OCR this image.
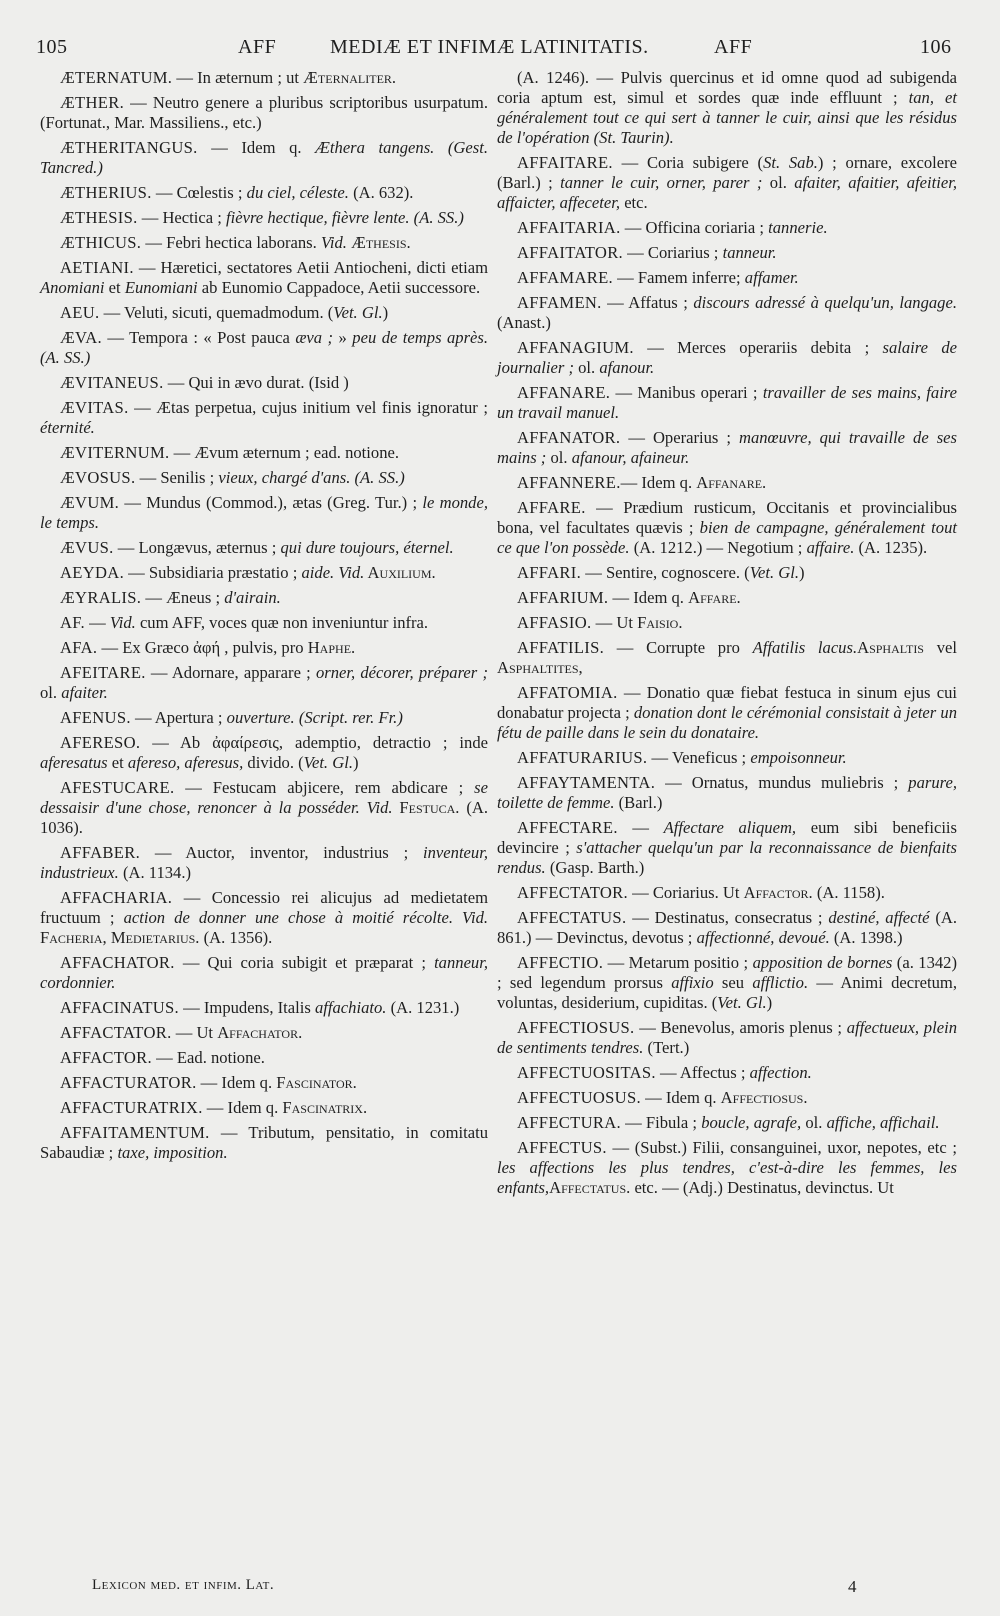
105	AFF	MEDIÆ ET INFIMÆ LATINITATIS.	AFF	106

ÆTERNATUM. — In æternum ; ut Æternaliter.

ÆTHER. — Neutro genere a pluribus scriptoribus usurpatum. (Fortunat., Mar. Massiliens., etc.)

ÆTHERITANGUS. — Idem q. Æthera tangens. (Gest. Tancred.)

ÆTHERIUS. — Cœlestis ; du ciel, céleste. (A. 632).

ÆTHESIS. — Hectica ; fièvre hectique, fièvre lente. (A. SS.)

ÆTHICUS. — Febri hectica laborans. Vid. Æthesis.

AETIANI. — Hæretici, sectatores Aetii Antiocheni, dicti etiam Anomiani et Eunomiani ab Eunomio Cappadoce, Aetii successore.

AEU. — Veluti, sicuti, quemadmodum. (Vet. Gl.)

ÆVA. — Tempora : « Post pauca æva ; » peu de temps après. (A. SS.)

ÆVITANEUS. — Qui in ævo durat. (Isid )

ÆVITAS. — Ætas perpetua, cujus initium vel finis ignoratur ; éternité.

ÆVITERNUM. — Ævum æternum ; ead. notione.

ÆVOSUS. — Senilis ; vieux, chargé d'ans. (A. SS.)

ÆVUM. — Mundus (Commod.), ætas (Greg. Tur.) ; le monde, le temps.

ÆVUS. — Longævus, æternus ; qui dure toujours, éternel.

AEYDA. — Subsidiaria præstatio ; aide. Vid. Auxilium.

ÆYRALIS. — Æneus ; d'airain.

AF. — Vid. cum AFF, voces quæ non inveniuntur infra.

AFA. — Ex Græco ἀφή , pulvis, pro Haphe.

AFEITARE. — Adornare, apparare ; orner, décorer, préparer ; ol. afaiter.

AFENUS. — Apertura ; ouverture. (Script. rer. Fr.)

AFERESO. — Ab ἀφαίρεσις, ademptio, detractio ; inde aferesatus et afereso, aferesus, divido. (Vet. Gl.)

AFESTUCARE. — Festucam abjicere, rem abdicare ; se dessaisir d'une chose, renoncer à la posséder. Vid. Festuca. (A. 1036).

AFFABER. — Auctor, inventor, industrius ; inventeur, industrieux. (A. 1134.)

AFFACHARIA. — Concessio rei alicujus ad medietatem fructuum ; action de donner une chose à moitié récolte. Vid. Facheria, Medietarius. (A. 1356).

AFFACHATOR. — Qui coria subigit et præparat ; tanneur, cordonnier.

AFFACINATUS. — Impudens, Italis affachiato. (A. 1231.)

AFFACTATOR. — Ut Affachator.

AFFACTOR. — Ead. notione.

AFFACTURATOR. — Idem q. Fascinator.

AFFACTURATRIX. — Idem q. Fascinatrix.

AFFAITAMENTUM. — Tributum, pensitatio, in comitatu Sabaudiæ ; taxe, imposition.

(A. 1246). — Pulvis quercinus et id omne quod ad subigenda coria aptum est, simul et sordes quæ inde effluunt ; tan, et généralement tout ce qui sert à tanner le cuir, ainsi que les résidus de l'opération (St. Taurin).

AFFAITARE. — Coria subigere (St. Sab.) ; ornare, excolere (Barl.) ; tanner le cuir, orner, parer ; ol. afaiter, afaitier, afeitier, affaicter, affeceter, etc.

AFFAITARIA. — Officina coriaria ; tannerie.

AFFAITATOR. — Coriarius ; tanneur.

AFFAMARE. — Famem inferre; affamer.

AFFAMEN. — Affatus ; discours adressé à quelqu'un, langage. (Anast.)

AFFANAGIUM. — Merces operariis debita ; salaire de journalier ; ol. afanour.

AFFANARE. — Manibus operari ; travailler de ses mains, faire un travail manuel.

AFFANATOR. — Operarius ; manœuvre, qui travaille de ses mains ; ol. afanour, afaineur.

AFFANNERE.— Idem q. Affanare.

AFFARE. — Prædium rusticum, Occitanis et provincialibus bona, vel facultates quævis ; bien de campagne, généralement tout ce que l'on possède. (A. 1212.) — Negotium ; affaire. (A. 1235).

AFFARI. — Sentire, cognoscere. (Vet. Gl.)

AFFARIUM. — Idem q. Affare.

AFFASIO. — Ut Faisio.

AFFATILIS. — Corrupte pro Affatilis lacus.Asphaltis vel Asphaltites,

AFFATOMIA. — Donatio quæ fiebat festuca in sinum ejus cui donabatur projecta ; donation dont le cérémonial consistait à jeter un fétu de paille dans le sein du donataire.

AFFATURARIUS. — Veneficus ; empoisonneur.

AFFAYTAMENTA. — Ornatus, mundus muliebris ; parure, toilette de femme. (Barl.)

AFFECTARE. — Affectare aliquem, eum sibi beneficiis devincire ; s'attacher quelqu'un par la reconnaissance de bienfaits rendus. (Gasp. Barth.)

AFFECTATOR. — Coriarius. Ut Affactor. (A. 1158).

AFFECTATUS. — Destinatus, consecratus ; destiné, affecté (A. 861.) — Devinctus, devotus ; affectionné, devoué. (A. 1398.)

AFFECTIO. — Metarum positio ; apposition de bornes (a. 1342) ; sed legendum prorsus affixio seu afflictio. — Animi decretum, voluntas, desiderium, cupiditas. (Vet. Gl.)

AFFECTIOSUS. — Benevolus, amoris plenus ; affectueux, plein de sentiments tendres. (Tert.)

AFFECTUOSITAS. — Affectus ; affection.

AFFECTUOSUS. — Idem q. Affectiosus.

AFFECTURA. — Fibula ; boucle, agrafe, ol. affiche, affichail.

AFFECTUS. — (Subst.) Filii, consanguinei, uxor, nepotes, etc ; les affections les plus tendres, c'est-à-dire les femmes, les enfants,Affectatus. etc. — (Adj.) Destinatus, devinctus. Ut

Lexicon med. et infim. Lat.	4
